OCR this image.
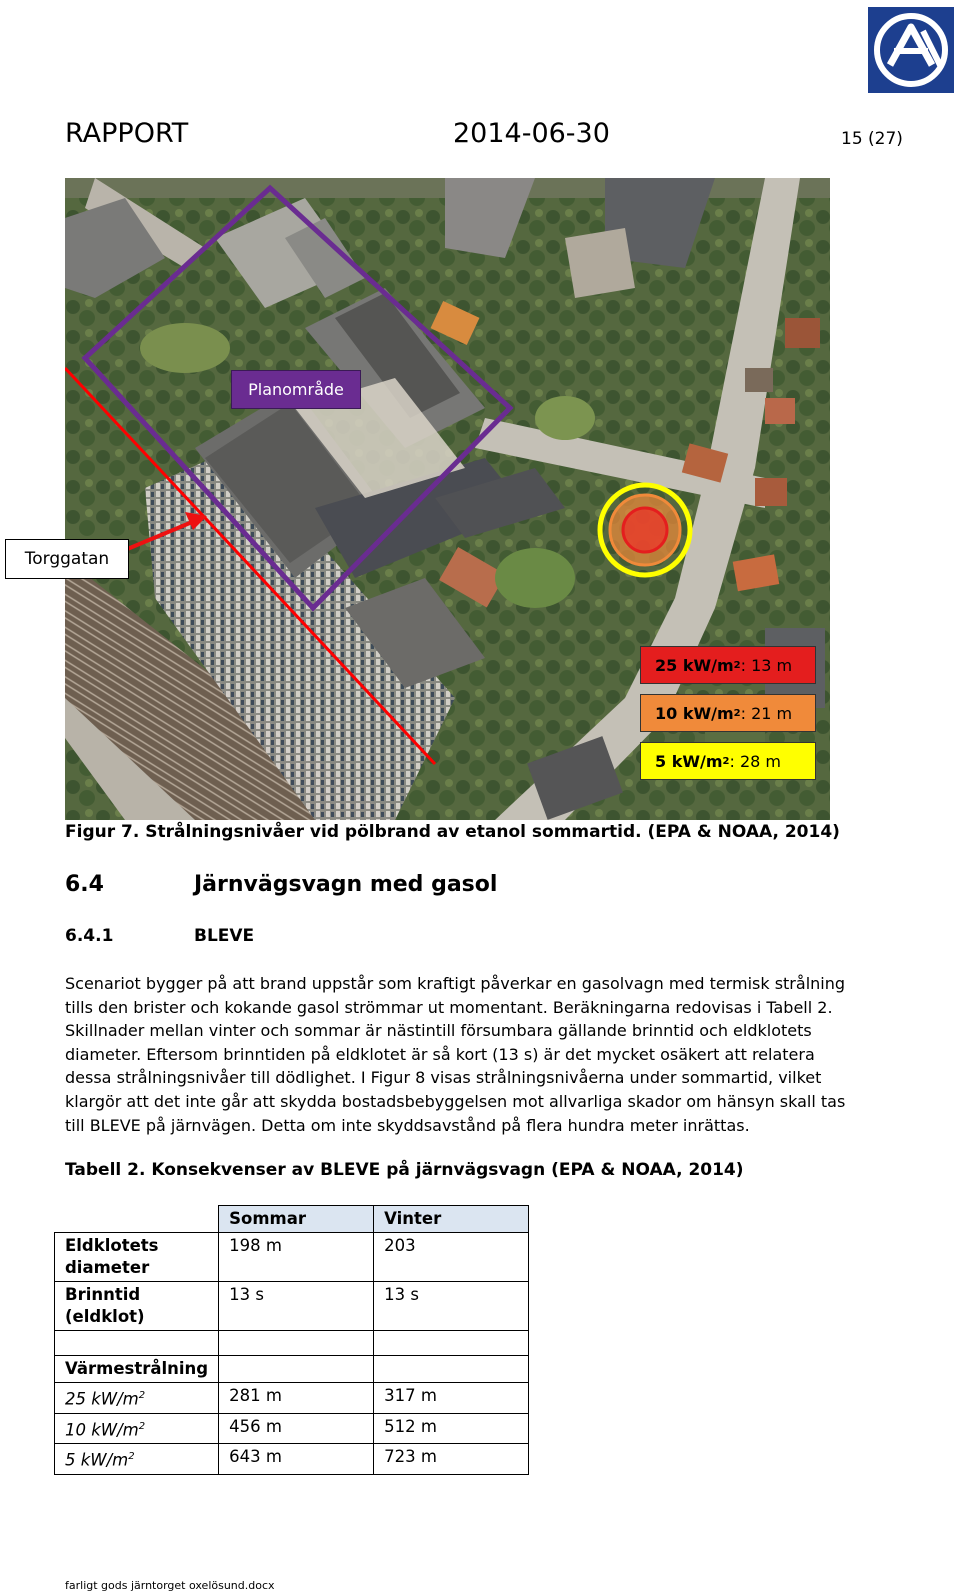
RAPPORT	2014-06-30	15 (27)
Planområde
25 kW/m 2 : 13 m
10 kW/m 2 : 21 m
5 kW/m 2 : 28 m
Torggatan
Figur 7. Strålningsnivåer vid pölbrand av etanol sommartid. (EPA & NOAA, 2014)
6.4	Järnvägsvagn med gasol
6.4.1	BLEVE

Scenariot bygger på att brand uppstår som kraftigt påverkar en gasolvagn med termisk strålning tills den brister och kokande gasol strömmar ut momentant. Beräkningarna redovisas i Tabell 2. Skillnader mellan vinter och sommar är nästintill försumbara gällande brinntid och eldklotets diameter. Eftersom brinntiden på eldklotet är så kort (13 s) är det mycket osäkert att relatera dessa strålningsnivåer till dödlighet. I Figur 8 visas strålningsnivåerna under sommartid, vilket klargör att det inte går att skydda bostadsbebyggelsen mot allvarliga skador om hänsyn skall tas till BLEVE på järnvägen. Detta om inte skyddsavstånd på flera hundra meter inrättas.

Tabell 2. Konsekvenser av BLEVE på järnvägsvagn (EPA & NOAA, 2014)
	Sommar	Vinter
Eldklotets diameter	198 m	203
Brinntid (eldklot)	13 s	13 s

Värmestrålning		
25 $kW/m^2$	281 m	317 m
10 $kW/m^2$	456 m	512 m
5 $kW/m^2$	643 m	723 m
farligt gods järntorget oxelösund.docx
